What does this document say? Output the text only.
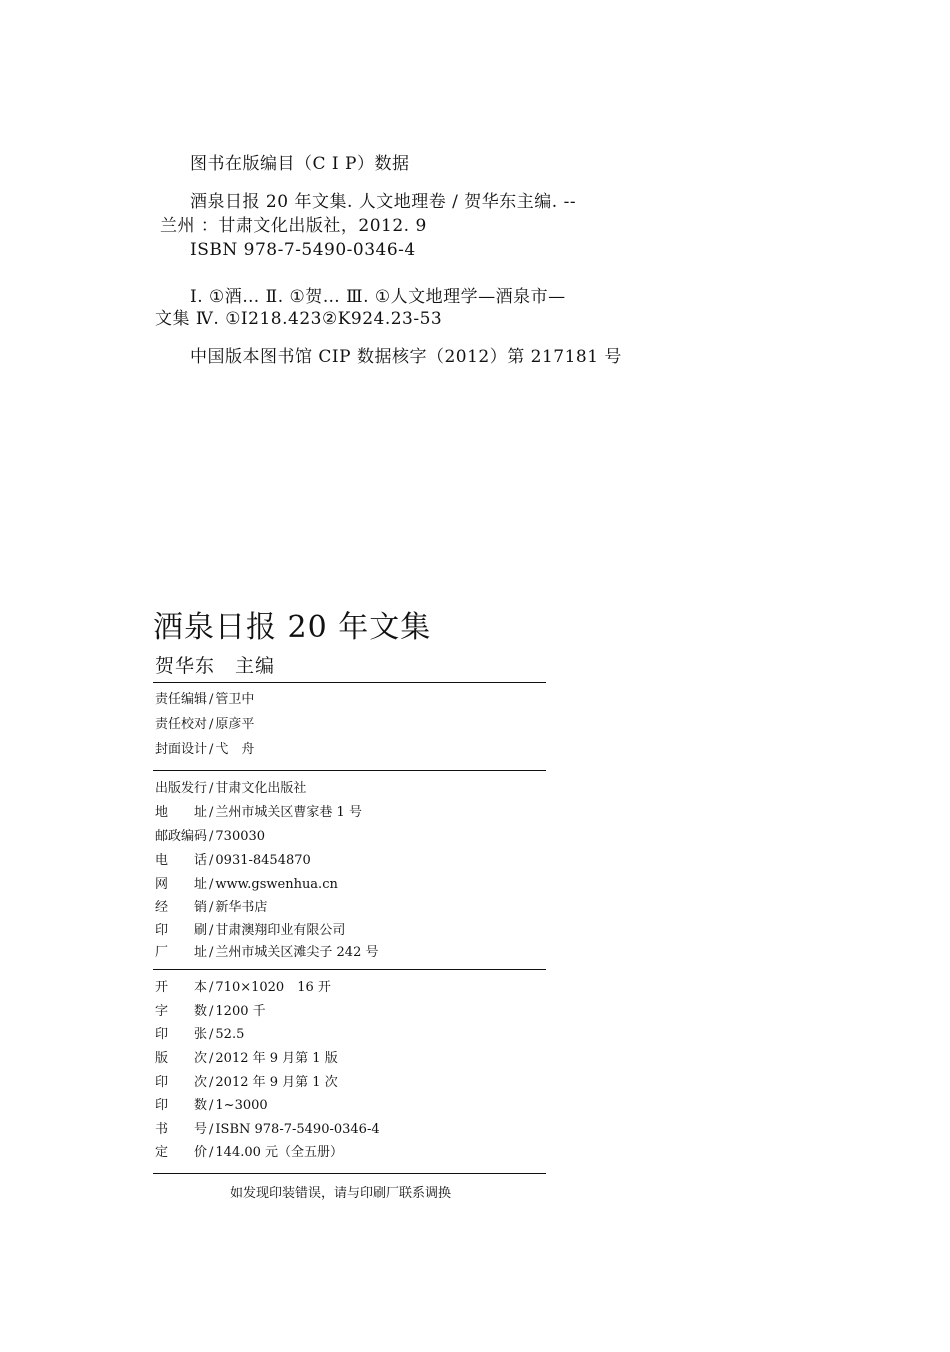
图书在版编目（C I P）数据
酒泉日报 20 年文集. 人文地理卷 / 贺华东主编. --
兰州 ：甘肃文化出版社，2012. 9
ISBN 978-7-5490-0346-4
Ⅰ. ①酒… Ⅱ. ①贺… Ⅲ. ①人文地理学—酒泉市—
文集 Ⅳ. ①I218.423②K924.23-53
中国版本图书馆 CIP 数据核字（2012）第 217181 号
酒泉日报 20 年文集
贺华东　主编
责任编辑 / 管卫中
责任校对 / 原彦平
封面设计 / 弋　舟
出版发行 / 甘肃文化出版社
地　　址 / 兰州市城关区曹家巷 1 号
邮政编码 / 730030
电　　话 / 0931-8454870
网　　址 / www.gswenhua.cn
经　　销 / 新华书店
印　　刷 / 甘肃澳翔印业有限公司
厂　　址 / 兰州市城关区滩尖子 242 号
开　　本 / 710×1020　16 开
字　　数 / 1200 千
印　　张 / 52.5
版　　次 / 2012 年 9 月第 1 版
印　　次 / 2012 年 9 月第 1 次
印　　数 / 1~3000
书　　号 / ISBN 978-7-5490-0346-4
定　　价 / 144.00 元（全五册）
如发现印装错误，请与印刷厂联系调换
